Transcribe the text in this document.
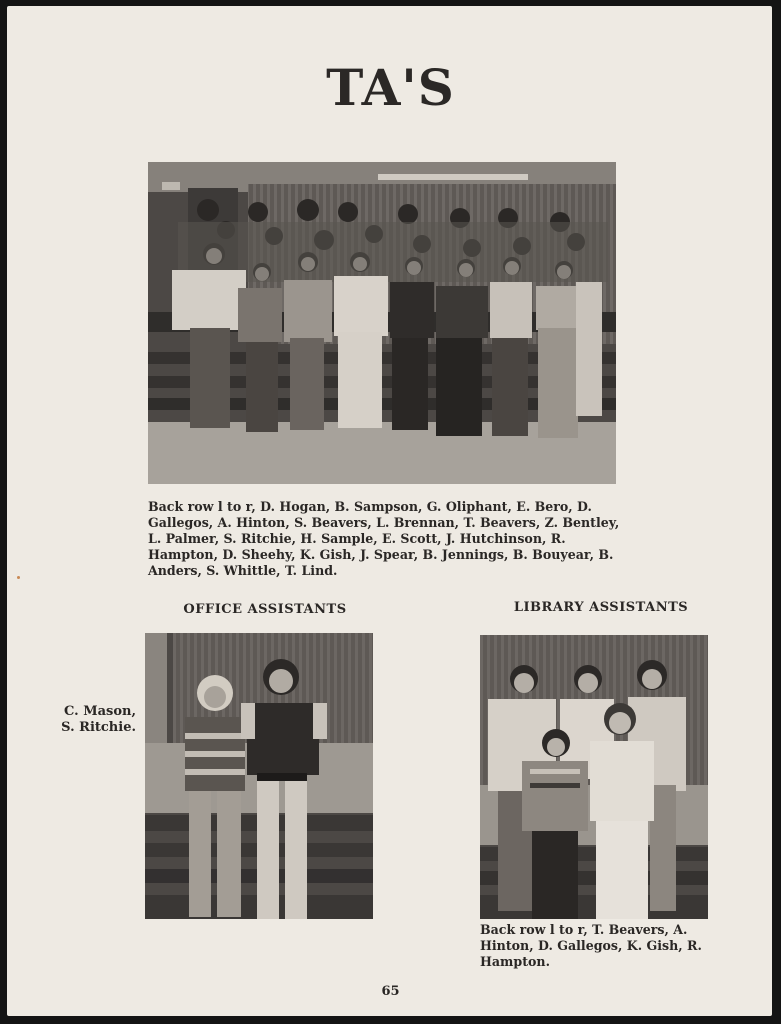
TA'S
Back row l to r, D. Hogan, B. Sampson, G. Oliphant, E. Bero, D.
Gallegos, A. Hinton, S. Beavers, L. Brennan, T. Beavers, Z. Bentley,
L. Palmer, S. Ritchie, H. Sample, E. Scott, J. Hutchinson, R.
Hampton, D. Sheehy, K. Gish, J. Spear, B. Jennings, B. Bouyear, B.
Anders, S. Whittle, T. Lind.
OFFICE ASSISTANTS
C. Mason,
S. Ritchie.
LIBRARY ASSISTANTS
Back row l to r, T. Beavers, A.
Hinton, D. Gallegos, K. Gish, R.
Hampton.
65
